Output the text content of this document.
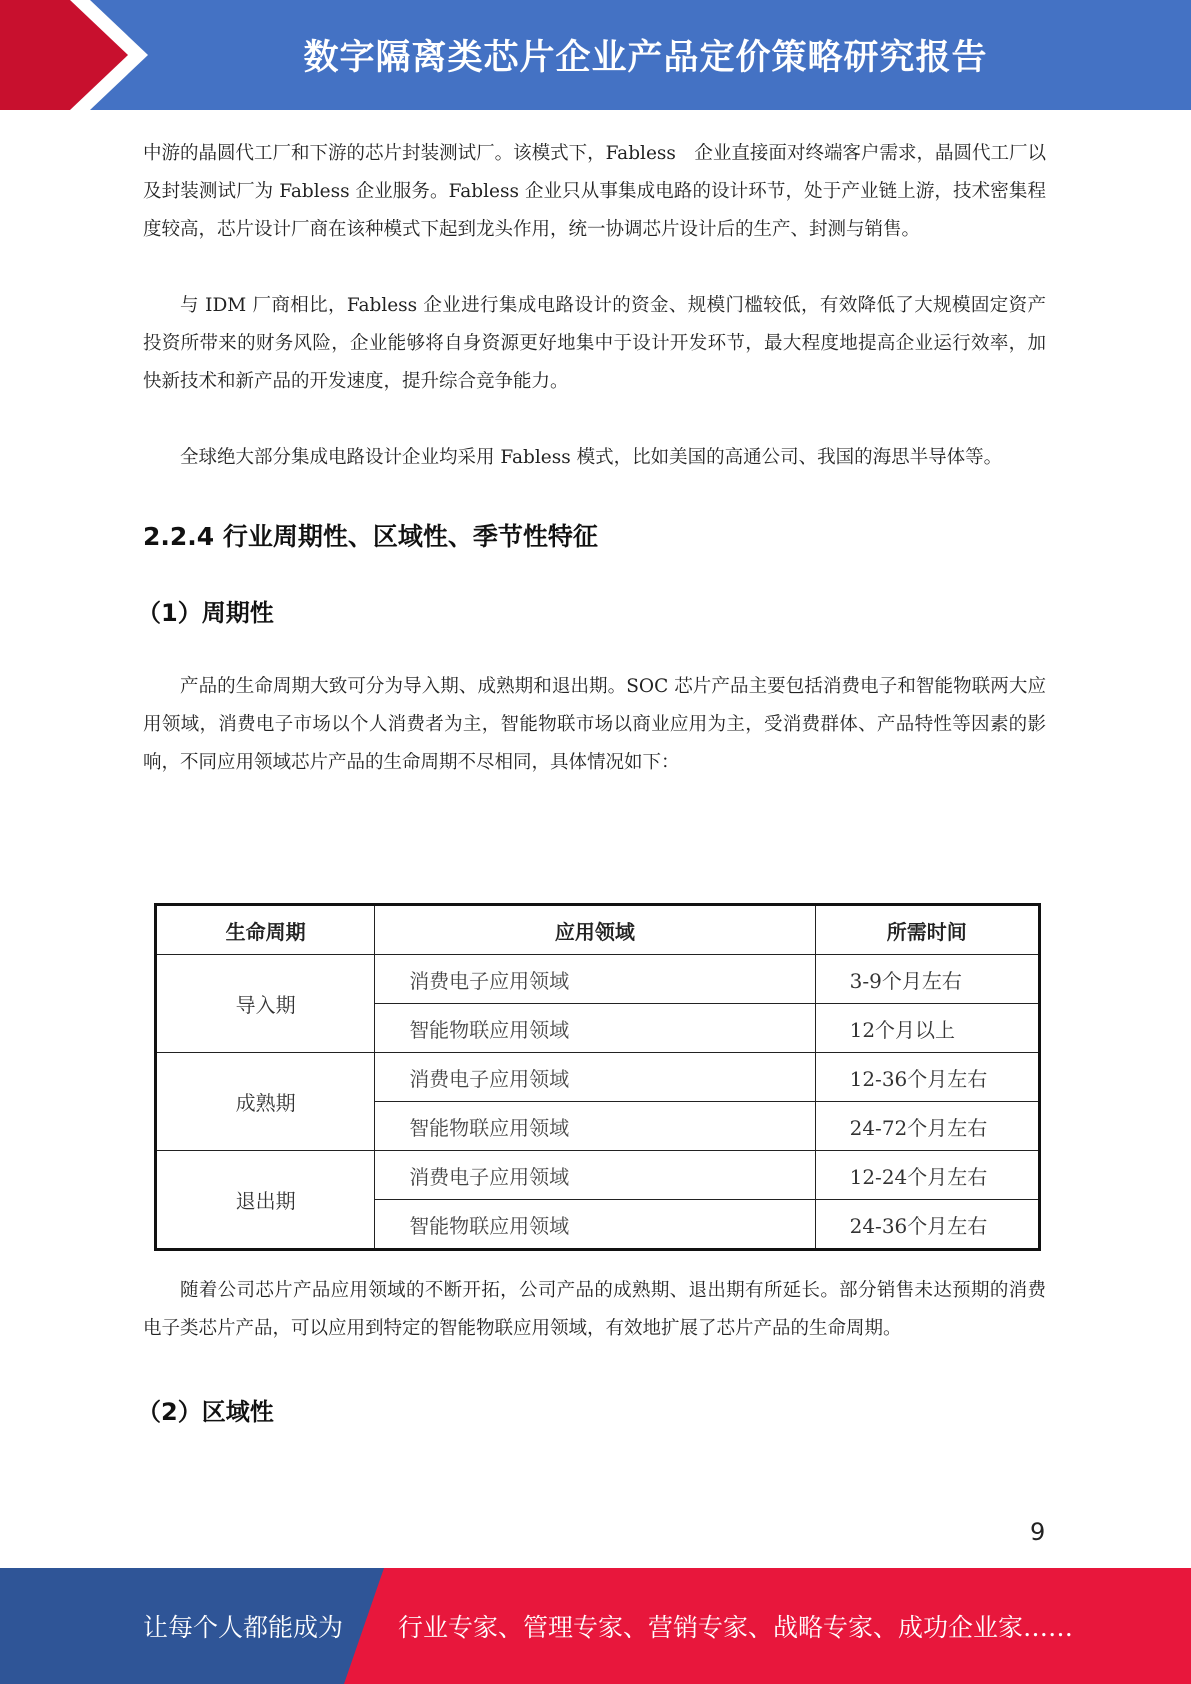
数字隔离类芯片企业产品定价策略研究报告

中游的晶圆代工厂和下游的芯片封装测试厂。该模式下，Fabless　企业直接面对终端客户需求，晶圆代工厂以及封装测试厂为 Fabless 企业服务。Fabless 企业只从事集成电路的设计环节，处于产业链上游，技术密集程度较高，芯片设计厂商在该种模式下起到龙头作用，统一协调芯片设计后的生产、封测与销售。

与 IDM 厂商相比，Fabless 企业进行集成电路设计的资金、规模门槛较低，有效降低了大规模固定资产投资所带来的财务风险，企业能够将自身资源更好地集中于设计开发环节，最大程度地提高企业运行效率，加快新技术和新产品的开发速度，提升综合竞争能力。

全球绝大部分集成电路设计企业均采用 Fabless 模式，比如美国的高通公司、我国的海思半导体等。

2.2.4 行业周期性、区域性、季节性特征
（1）周期性

产品的生命周期大致可分为导入期、成熟期和退出期。SOC 芯片产品主要包括消费电子和智能物联两大应用领域，消费电子市场以个人消费者为主，智能物联市场以商业应用为主，受消费群体、产品特性等因素的影响，不同应用领域芯片产品的生命周期不尽相同，具体情况如下：

生命周期	应用领域	所需时间
导入期	消费电子应用领域	3-9个月左右
	智能物联应用领域	12个月以上
成熟期	消费电子应用领域	12-36个月左右
	智能物联应用领域	24-72个月左右
退出期	消费电子应用领域	12-24个月左右
	智能物联应用领域	24-36个月左右

随着公司芯片产品应用领域的不断开拓，公司产品的成熟期、退出期有所延长。部分销售未达预期的消费电子类芯片产品，可以应用到特定的智能物联应用领域，有效地扩展了芯片产品的生命周期。

（2）区域性
9
让每个人都能成为 行业专家、管理专家、营销专家、战略专家、成功企业家……
